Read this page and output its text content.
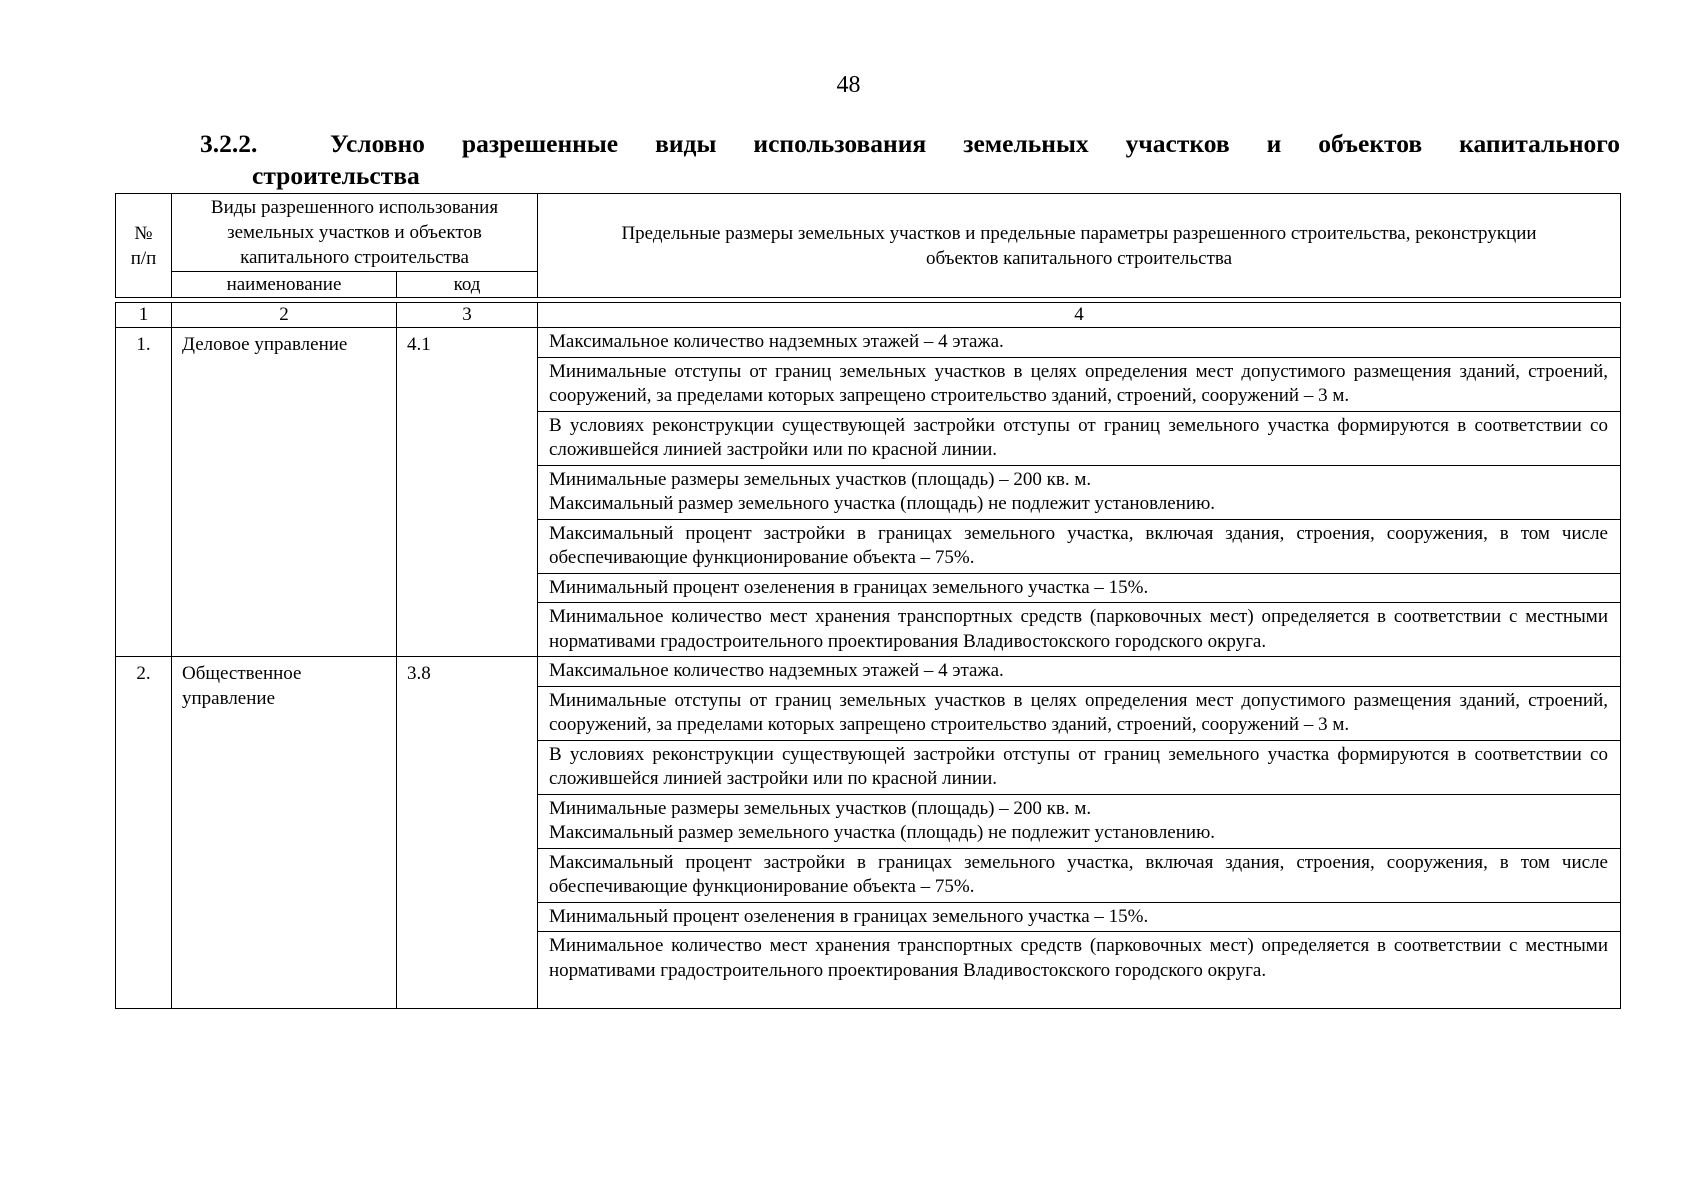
48
3.2.2.	Условно разрешенные виды использования земельных участков и объектов капитального
строительства
№ п/п	Виды разрешенного использования земельных участков и объектов капитального строительства		Предельные размеры земельных участков и предельные параметры разрешенного строительства, реконструкции объектов капитального строительства
	наименование	код	
1	2	3	4
1.	Деловое управление	4.1	Максимальное количество надземных этажей – 4 этажа.
			Минимальные отступы от границ земельных участков в целях определения мест допустимого размещения зданий, строений, сооружений, за пределами которых запрещено строительство зданий, строений, сооружений – 3 м.
			В условиях реконструкции существующей застройки отступы от границ земельного участка формируются в соответствии со сложившейся линией застройки или по красной линии.

			Минимальные размеры земельных участков (площадь) – 200 кв. м.
Максимальный размер земельного участка (площадь) не подлежит установлению.

			Максимальный процент застройки в границах земельного участка, включая здания, строения, сооружения, в том числе обеспечивающие функционирование объекта – 75%.
			Минимальный процент озеленения в границах земельного участка – 15%.
			Минимальное количество мест хранения транспортных средств (парковочных мест) определяется в соответствии с местными нормативами градостроительного проектирования Владивостокского городского округа.
2.	Общественное управление	3.8	Максимальное количество надземных этажей – 4 этажа.
			Минимальные отступы от границ земельных участков в целях определения мест допустимого размещения зданий, строений, сооружений, за пределами которых запрещено строительство зданий, строений, сооружений – 3 м.
			В условиях реконструкции существующей застройки отступы от границ земельного участка формируются в соответствии со сложившейся линией застройки или по красной линии.

			Минимальные размеры земельных участков (площадь) – 200 кв. м.
Максимальный размер земельного участка (площадь) не подлежит установлению.

			Максимальный процент застройки в границах земельного участка, включая здания, строения, сооружения, в том числе обеспечивающие функционирование объекта – 75%.
			Минимальный процент озеленения в границах земельного участка – 15%.

			Минимальное количество мест хранения транспортных средств (парковочных мест) определяется в соответствии с местными нормативами градостроительного проектирования Владивостокского городского округа.
